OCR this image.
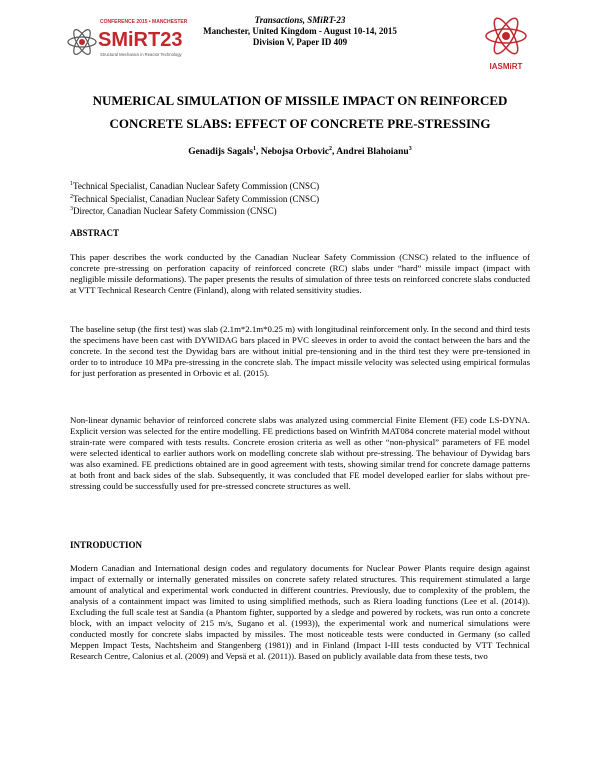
CONFERENCE 2015 • MANCHESTER
SMiRT23
Structural Mechanics in Reactor Technology
Transactions, SMiRT-23
Manchester, United Kingdom - August 10-14, 2015
Division V, Paper ID 409
IASMiRT
NUMERICAL SIMULATION OF MISSILE IMPACT ON REINFORCED
CONCRETE SLABS: EFFECT OF CONCRETE PRE-STRESSING
Genadijs Sagals$^1$, Nebojsa Orbovic$^2$, Andrei Blahoianu$^3$
$^1$Technical Specialist, Canadian Nuclear Safety Commission (CNSC)
$^2$Technical Specialist, Canadian Nuclear Safety Commission (CNSC)
$^3$Director, Canadian Nuclear Safety Commission (CNSC)
ABSTRACT
This paper describes the work conducted by the Canadian Nuclear Safety Commission (CNSC) related to the influence of concrete pre-stressing on perforation capacity of reinforced concrete (RC) slabs under “hard” missile impact (impact with negligible missile deformations). The paper presents the results of simulation of three tests on reinforced concrete slabs conducted at VTT Technical Research Centre (Finland), along with related sensitivity studies.
The baseline setup (the first test) was slab (2.1m*2.1m*0.25 m) with longitudinal reinforcement only. In the second and third tests the specimens have been cast with DYWIDAG bars placed in PVC sleeves in order to avoid the contact between the bars and the concrete. In the second test the Dywidag bars are without initial pre-tensioning and in the third test they were pre-tensioned in order to to introduce 10 MPa pre-stressing in the concrete slab. The impact missile velocity was selected using empirical formulas for just perforation as presented in Orbovic et al. (2015).
Non-linear dynamic behavior of reinforced concrete slabs was analyzed using commercial Finite Element (FE) code LS-DYNA. Explicit version was selected for the entire modelling. FE predictions based on Winfrith MAT084 concrete material model without strain-rate were compared with tests results. Concrete erosion criteria as well as other “non-physical” parameters of FE model were selected identical to earlier authors work on modelling concrete slab without pre-stressing. The behaviour of Dywidag bars was also examined. FE predictions obtained are in good agreement with tests, showing similar trend for concrete damage patterns at both front and back sides of the slab. Subsequently, it was concluded that FE model developed earlier for slabs without pre-stressing could be successfully used for pre-stressed concrete structures as well.
INTRODUCTION
Modern Canadian and International design codes and regulatory documents for Nuclear Power Plants require design against impact of externally or internally generated missiles on concrete safety related structures. This requirement stimulated a large amount of analytical and experimental work conducted in different countries. Previously, due to complexity of the problem, the analysis of a containment impact was limited to using simplified methods, such as Riera loading functions (Lee et al. (2014)). Excluding the full scale test at Sandia (a Phantom fighter, supported by a sledge and powered by rockets, was run onto a concrete block, with an impact velocity of 215 m/s, Sugano et al. (1993)), the experimental work and numerical simulations were conducted mostly for concrete slabs impacted by missiles. The most noticeable tests were conducted in Germany (so called Meppen Impact Tests, Nachtsheim and Stangenberg (1981)) and in Finland (Impact I-III tests conducted by VTT Technical Research Centre, Calonius et al. (2009) and Vepsä et al. (2011)). Based on publicly available data from these tests, two
